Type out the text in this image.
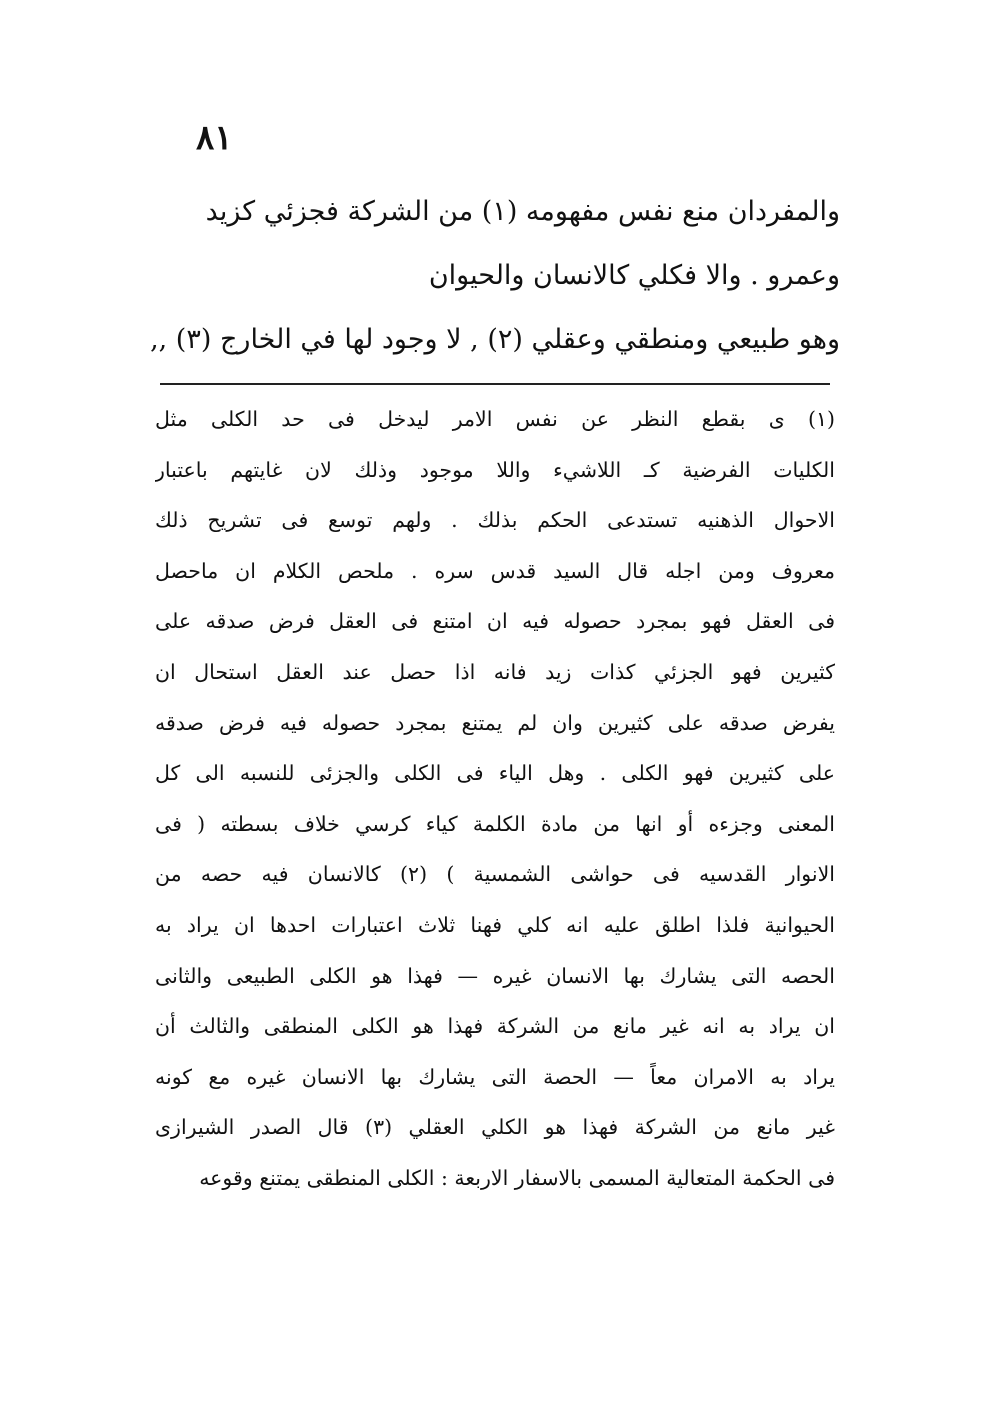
٨١
والمفردان منع نفس مفهومه (١) من الشركة فجزئي كزيد
وعمرو . والا فكلي كالانسان والحيوان
وهو طبيعي ومنطقي وعقلي (٢) , لا وجود لها في الخارج (٣) ,,
(١) ى بقطع النظر عن نفس الامر ليدخل فى حد الكلى مثل
الكليات الفرضية كـ اللاشيء واللا موجود وذلك لان غايتهم باعتبار
الاحوال الذهنيه تستدعى الحكم بذلك . ولهم توسع فى تشريح ذلك
معروف ومن اجله قال السيد قدس سره . ملحص الكلام ان ماحصل
فى العقل فهو بمجرد حصوله فيه ان امتنع فى العقل فرض صدقه على
كثيرين فهو الجزئي كذات زيد فانه اذا حصل عند العقل استحال ان
يفرض صدقه على كثيرين وان لم يمتنع بمجرد حصوله فيه فرض صدقه
على كثيرين فهو الكلى . وهل الياء فى الكلى والجزئى للنسبه الى كل
المعنى وجزءه أو انها من مادة الكلمة كياء كرسي خلاف بسطته ( فى
الانوار القدسيه فى حواشى الشمسية ) (٢) كالانسان فيه حصه من
الحيوانية فلذا اطلق عليه انه كلي فهنا ثلاث اعتبارات احدها ان يراد به
الحصه التى يشارك بها الانسان غيره — فهذا هو الكلى الطبيعى والثانى
ان يراد به انه غير مانع من الشركة فهذا هو الكلى المنطقى والثالث أن
يراد به الامران معاً — الحصة التى يشارك بها الانسان غيره مع كونه
غير مانع من الشركة فهذا هو الكلي العقلي (٣) قال الصدر الشيرازى
فى الحكمة المتعالية المسمى بالاسفار الاربعة : الكلى المنطقى يمتنع وقوعه
